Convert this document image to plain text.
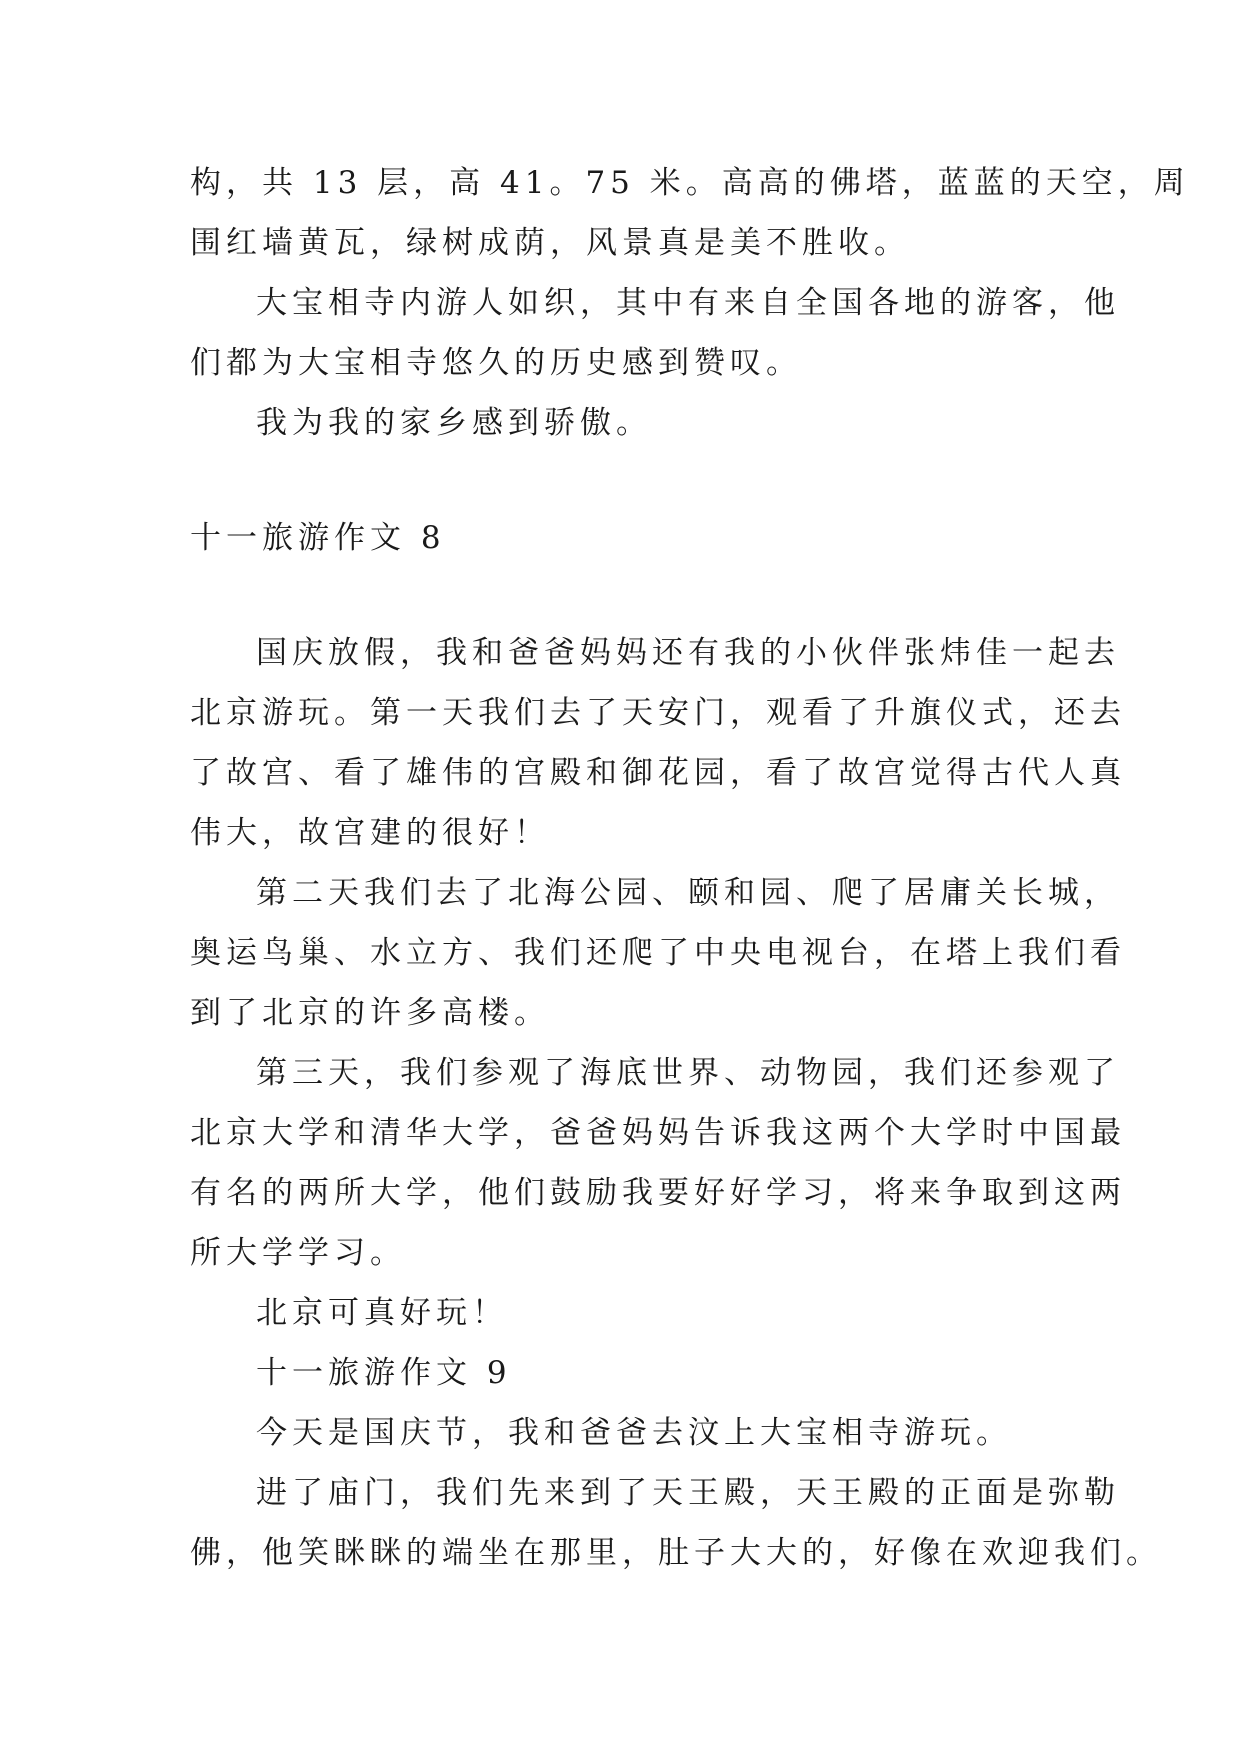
构，共 13 层，高 41。75 米。高高的佛塔，蓝蓝的天空，周
围红墙黄瓦，绿树成荫，风景真是美不胜收。
大宝相寺内游人如织，其中有来自全国各地的游客，他
们都为大宝相寺悠久的历史感到赞叹。
我为我的家乡感到骄傲。
十一旅游作文 8
国庆放假，我和爸爸妈妈还有我的小伙伴张炜佳一起去
北京游玩。第一天我们去了天安门，观看了升旗仪式，还去
了故宫、看了雄伟的宫殿和御花园，看了故宫觉得古代人真
伟大，故宫建的很好！
第二天我们去了北海公园、颐和园、爬了居庸关长城，
奥运鸟巢、水立方、我们还爬了中央电视台，在塔上我们看
到了北京的许多高楼。
第三天，我们参观了海底世界、动物园，我们还参观了
北京大学和清华大学，爸爸妈妈告诉我这两个大学时中国最
有名的两所大学，他们鼓励我要好好学习，将来争取到这两
所大学学习。
北京可真好玩！
十一旅游作文 9
今天是国庆节，我和爸爸去汶上大宝相寺游玩。
进了庙门，我们先来到了天王殿，天王殿的正面是弥勒
佛，他笑眯眯的端坐在那里，肚子大大的，好像在欢迎我们。
